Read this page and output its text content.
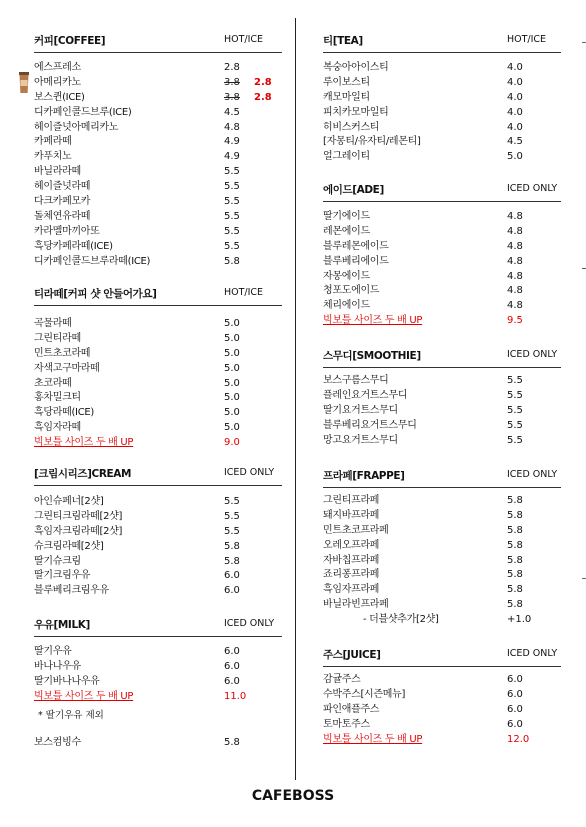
커피[COFFEE]	HOT/ICE
에스프레소	2.8
아메리카노	3.8 2.8
보스퀸(ICE)	3.8 2.8
디카페인콜드브루(ICE)	4.5
헤이즐넛아메리카노	4.8
카페라떼	4.9
카푸치노	4.9
바닐라라떼	5.5
헤이즐넛라떼	5.5
다크카페모카	5.5
돌체연유라떼	5.5
카라멜마끼아또	5.5
흑당카페라떼(ICE)	5.5
디카페인콜드브루라떼(ICE)	5.8
티라떼[커피 샷 안들어가요]	HOT/ICE
곡물라떼	5.0
그린티라떼	5.0
민트초코라떼	5.0
자색고구마라떼	5.0
초코라떼	5.0
홍차밀크티	5.0
흑당라떼(ICE)	5.0
흑임자라떼	5.0
빅보틀 사이즈 두 배 UP	9.0
[크림시리즈]CREAM	ICED ONLY
아인슈페너[2샷]	5.5
그린티크림라떼[2샷]	5.5
흑임자크림라떼[2샷]	5.5
슈크림라떼[2샷]	5.8
딸기슈크림	5.8
딸기크림우유	6.0
블루베리크림우유	6.0
우유[MILK]	ICED ONLY
딸기우유	6.0
바나나우유	6.0
딸기바나나우유	6.0
빅보틀 사이즈 두 배 UP	11.0
* 딸기우유 제외
보스컴빙수	5.8
티[TEA]	HOT/ICE
복숭아아이스티	4.0
루이보스티	4.0
캐모마일티	4.0
피치카모마일티	4.0
히비스커스티	4.0
[자몽티/유자티/레몬티]	4.5
얼그레이티	5.0
에이드[ADE]	ICED ONLY
딸기에이드	4.8
레몬에이드	4.8
블루레몬에이드	4.8
블루베리에이드	4.8
자몽에이드	4.8
청포도에이드	4.8
체리에이드	4.8
빅보틀 사이즈 두 배 UP	9.5
스무디[SMOOTHIE]	ICED ONLY
보스구름스무디	5.5
플레인요거트스무디	5.5
딸기요거트스무디	5.5
블루베리요거트스무디	5.5
망고요거트스무디	5.5
프라페[FRAPPE]	ICED ONLY
그린티프라페	5.8
돼지바프라페	5.8
민트초코프라페	5.8
오레오프라페	5.8
자바칩프라페	5.8
죠리퐁프라페	5.8
흑임자프라페	5.8
바닐라빈프라페	5.8
- 더블샷추가[2샷]	+1.0
주스[JUICE]	ICED ONLY
감귤주스	6.0
수박주스[시즌메뉴]	6.0
파인애플주스	6.0
토마토주스	6.0
빅보틀 사이즈 두 배 UP	12.0
CAFEBOSS
